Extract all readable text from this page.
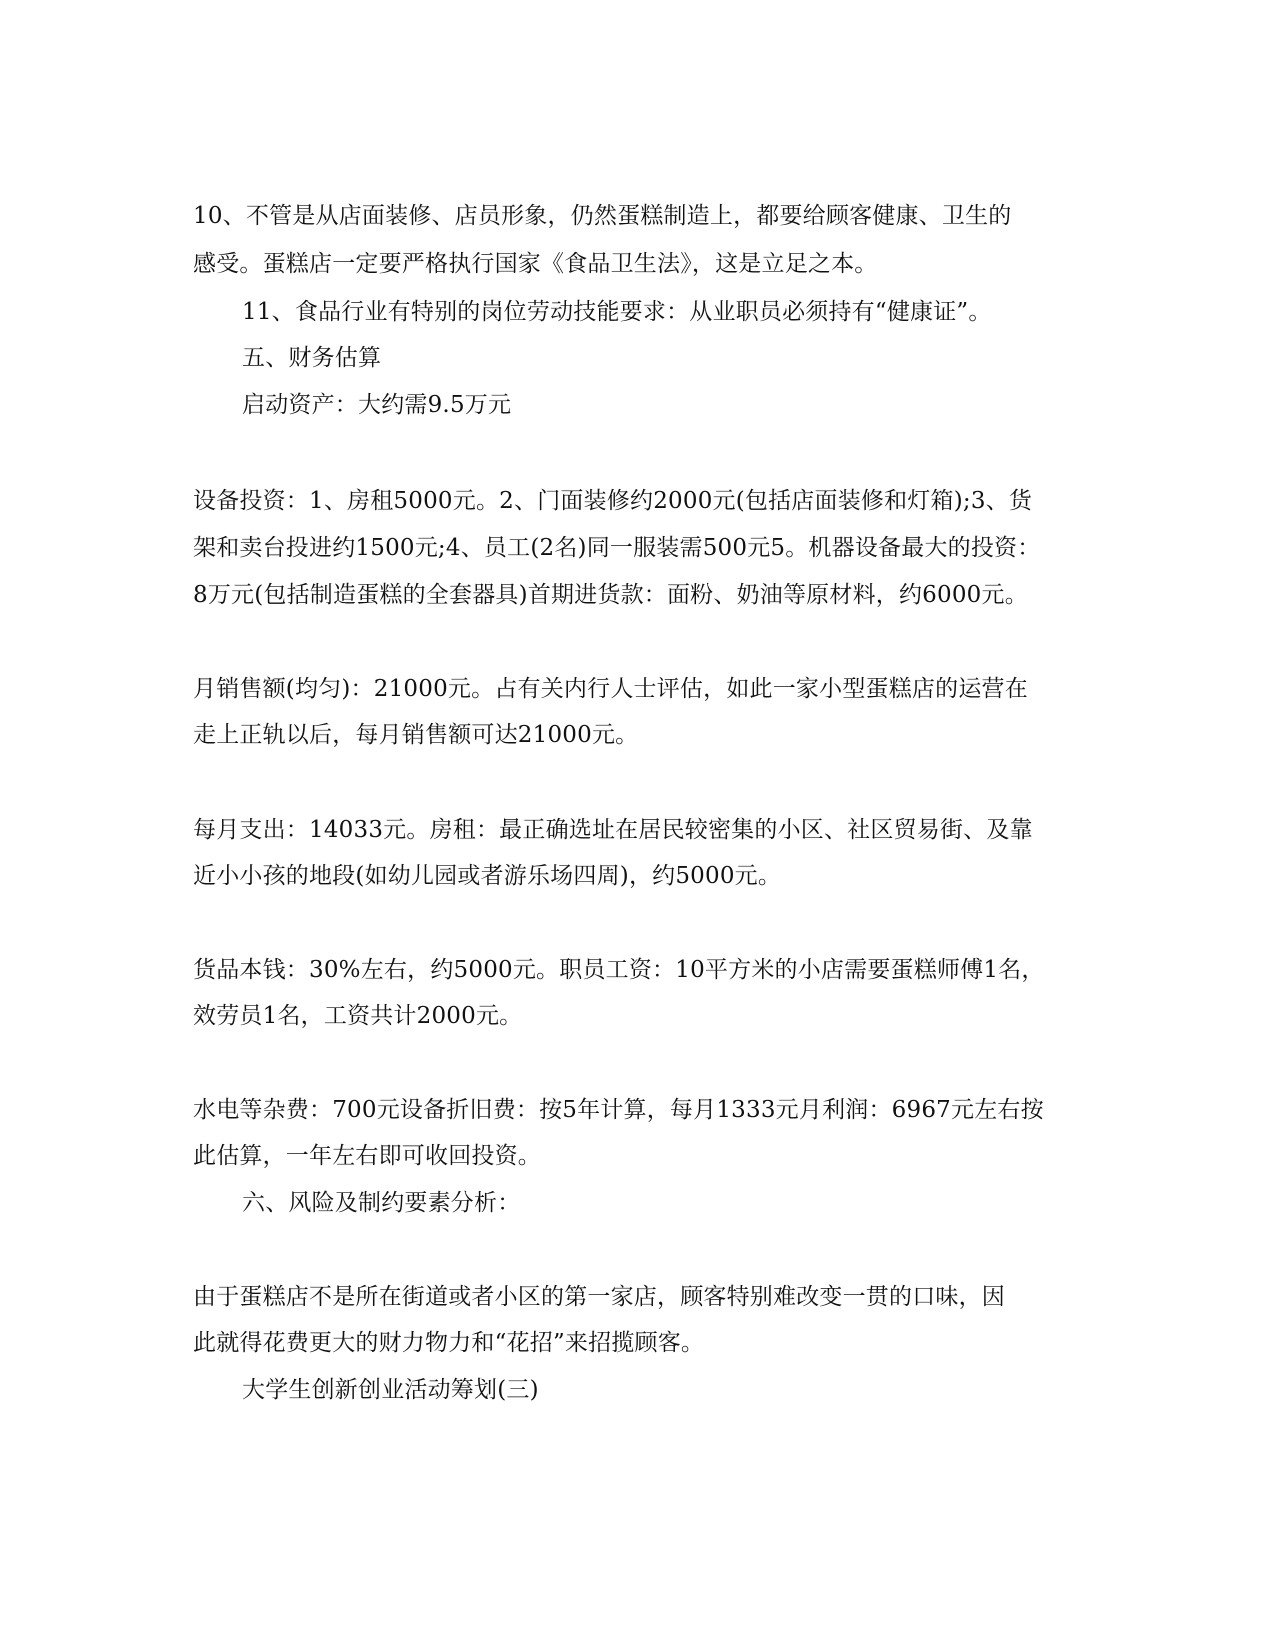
10、不管是从店面装修、店员形象，仍然蛋糕制造上，都要给顾客健康、卫生的
感受。蛋糕店一定要严格执行国家《食品卫生法》，这是立足之本。
11、食品行业有特别的岗位劳动技能要求：从业职员必须持有“健康证”。
五、财务估算
启动资产：大约需9.5万元
设备投资：1、房租5000元。2、门面装修约2000元(包括店面装修和灯箱);3、货
架和卖台投进约1500元;4、员工(2名)同一服装需500元5。机器设备最大的投资：
8万元(包括制造蛋糕的全套器具)首期进货款：面粉、奶油等原材料，约6000元。
月销售额(均匀)：21000元。占有关内行人士评估，如此一家小型蛋糕店的运营在
走上正轨以后，每月销售额可达21000元。
每月支出：14033元。房租：最正确选址在居民较密集的小区、社区贸易街、及靠
近小小孩的地段(如幼儿园或者游乐场四周)，约5000元。
货品本钱：30%左右，约5000元。职员工资：10平方米的小店需要蛋糕师傅1名，
效劳员1名，工资共计2000元。
水电等杂费：700元设备折旧费：按5年计算，每月1333元月利润：6967元左右按
此估算，一年左右即可收回投资。
六、风险及制约要素分析：
由于蛋糕店不是所在街道或者小区的第一家店，顾客特别难改变一贯的口味，因
此就得花费更大的财力物力和“花招”来招揽顾客。
大学生创新创业活动筹划(三)
